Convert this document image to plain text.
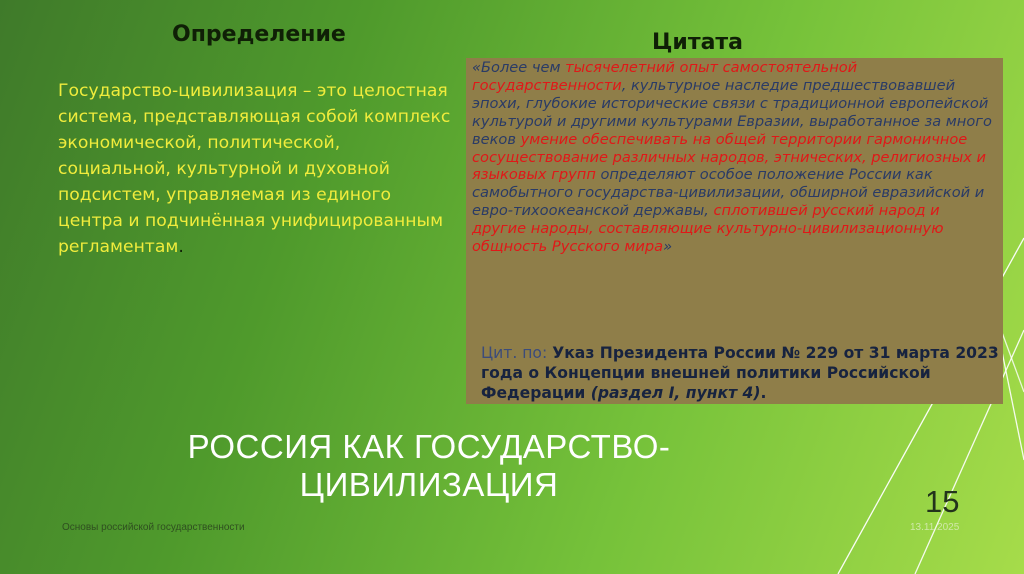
Определение
Государство-цивилизация – это целостная система, представляющая собой комплекс экономической, политической, социальной, культурной и духовной подсистем, управляемая из единого центра и подчинённая унифицированным регламентам.
Цитата
«Более чем тысячелетний опыт самостоятельной государственности, культурное наследие предшествовавшей эпохи, глубокие исторические связи с традиционной европейской культурой и другими культурами Евразии, выработанное за много веков умение обеспечивать на общей территории гармоничное сосуществование различных народов, этнических, религиозных и языковых групп определяют особое положение России как самобытного государства-цивилизации, обширной евразийской и евро-тихоокеанской державы, сплотившей русский народ и другие народы, составляющие культурно-цивилизационную общность Русского мира»
Цит. по: Указ Президента России № 229 от 31 марта 2023 года о Концепции внешней политики Российской Федерации (раздел I, пункт 4).
РОССИЯ КАК ГОСУДАРСТВО-ЦИВИЛИЗАЦИЯ	15
Основы российской государственности	13.11.2025
